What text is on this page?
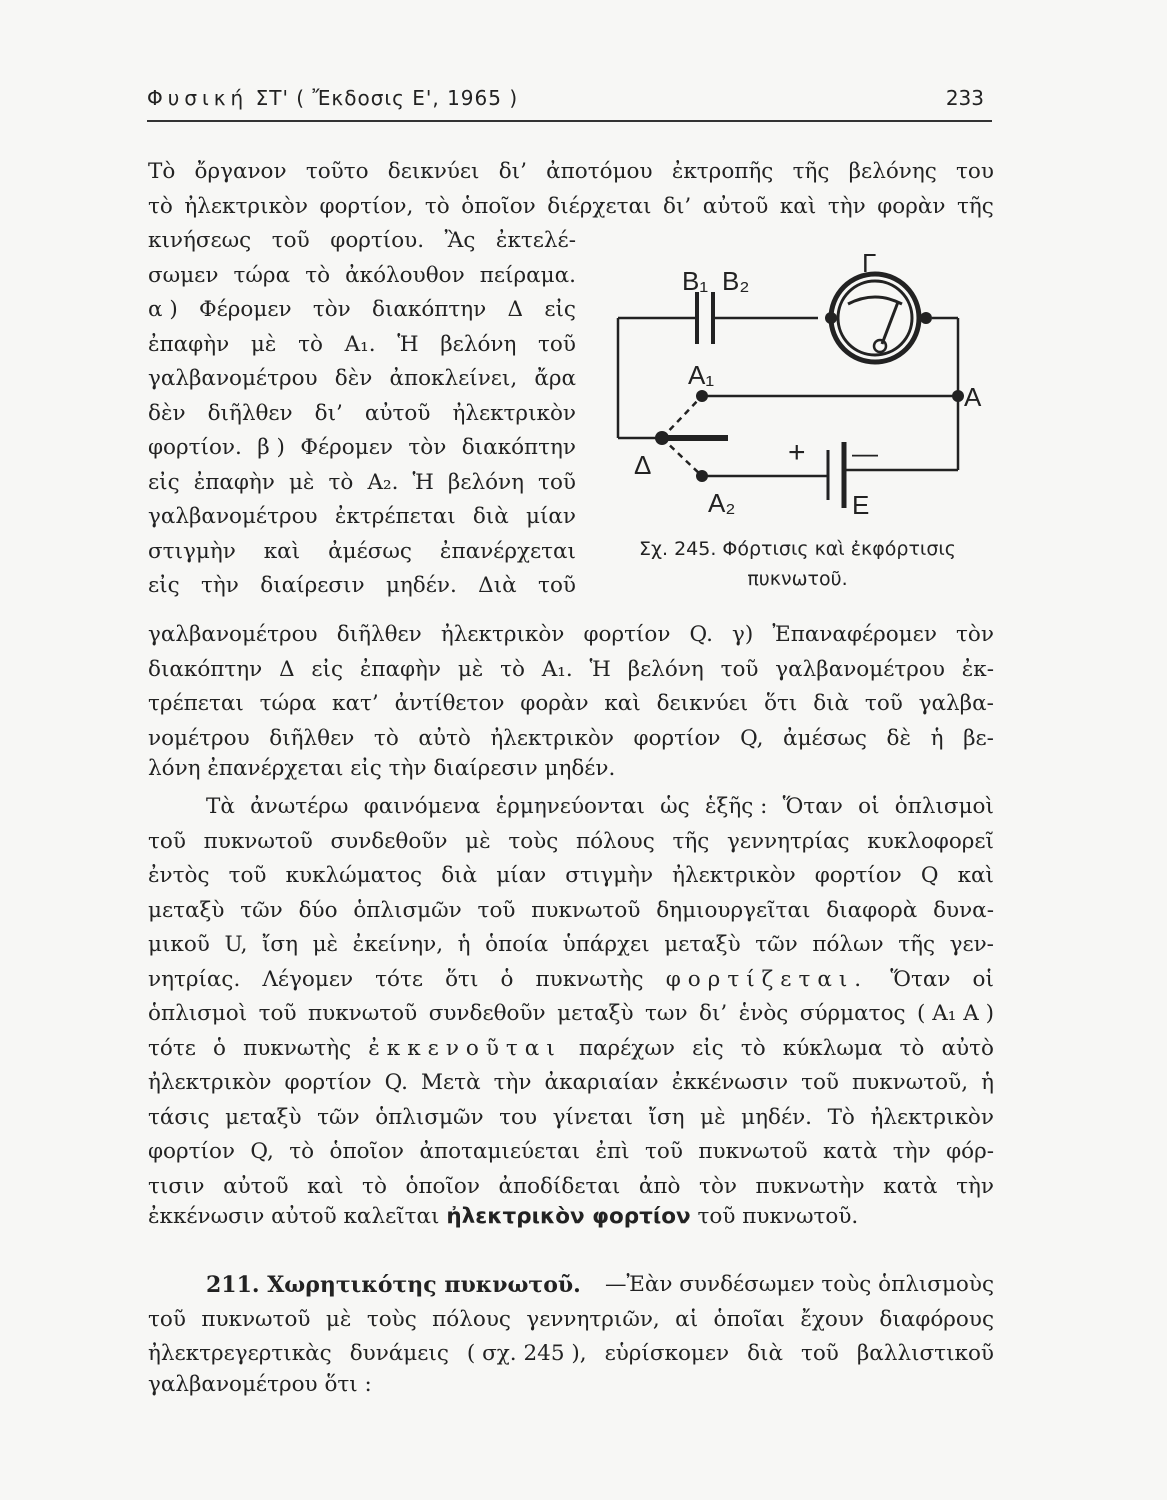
Φυσική ΣΤ' ( Ἔκδοσις Ε', 1965 )	233
Τὸ ὄργανον τοῦτο δεικνύει δι’ ἀποτόμου ἐκτροπῆς τῆς βελόνης του
τὸ ἠλεκτρικὸν φορτίον, τὸ ὁποῖον διέρχεται δι’ αὐτοῦ καὶ τὴν φορὰν τῆς
κινήσεως τοῦ φορτίου. Ἂς ἐκτελέ-
σωμεν τώρα τὸ ἀκόλουθον πείραμα.
α ) Φέρομεν τὸν διακόπτην Δ εἰς
ἐπαφὴν μὲ τὸ Α₁. Ἡ βελόνη τοῦ
γαλβανομέτρου δὲν ἀποκλείνει, ἄρα
δὲν διῆλθεν δι’ αὐτοῦ ἠλεκτρικὸν
φορτίον. β ) Φέρομεν τὸν διακόπτην
εἰς ἐπαφὴν μὲ τὸ Α₂. Ἡ βελόνη τοῦ
γαλβανομέτρου ἐκτρέπεται διὰ μίαν
στιγμὴν καὶ ἀμέσως ἐπανέρχεται
εἰς τὴν διαίρεσιν μηδέν. Διὰ τοῦ
Γ
B₁ B₂
A₁
A
Δ
A₂	E
+ —
Σχ. 245. Φόρτισις καὶ ἐκφόρτισις
πυκνωτοῦ.
γαλβανομέτρου διῆλθεν ἠλεκτρικὸν φορτίον Q. γ) Ἐπαναφέρομεν τὸν
διακόπτην Δ εἰς ἐπαφὴν μὲ τὸ Α₁. Ἡ βελόνη τοῦ γαλβανομέτρου ἐκ-
τρέπεται τώρα κατ’ ἀντίθετον φορὰν καὶ δεικνύει ὅτι διὰ τοῦ γαλβα-
νομέτρου διῆλθεν τὸ αὐτὸ ἠλεκτρικὸν φορτίον Q, ἀμέσως δὲ ἡ βε-
λόνη ἐπανέρχεται εἰς τὴν διαίρεσιν μηδέν.
Τὰ ἀνωτέρω φαινόμενα ἑρμηνεύονται ὡς ἑξῆς : Ὅταν οἱ ὁπλισμοὶ
τοῦ πυκνωτοῦ συνδεθοῦν μὲ τοὺς πόλους τῆς γεννητρίας κυκλοφορεῖ
ἐντὸς τοῦ κυκλώματος διὰ μίαν στιγμὴν ἠλεκτρικὸν φορτίον Q καὶ
μεταξὺ τῶν δύο ὁπλισμῶν τοῦ πυκνωτοῦ δημιουργεῖται διαφορὰ δυνα-
μικοῦ U, ἴση μὲ ἐκείνην, ἡ ὁποία ὑπάρχει μεταξὺ τῶν πόλων τῆς γεν-
νητρίας. Λέγομεν τότε ὅτι ὁ πυκνωτὴς φορτίζεται. Ὅταν οἱ
ὁπλισμοὶ τοῦ πυκνωτοῦ συνδεθοῦν μεταξὺ των δι’ ἑνὸς σύρματος ( Α₁ Α )
τότε ὁ πυκνωτὴς ἐκκενοῦται παρέχων εἰς τὸ κύκλωμα τὸ αὐτὸ
ἠλεκτρικὸν φορτίον Q. Μετὰ τὴν ἀκαριαίαν ἐκκένωσιν τοῦ πυκνωτοῦ, ἡ
τάσις μεταξὺ τῶν ὁπλισμῶν του γίνεται ἴση μὲ μηδέν. Τὸ ἠλεκτρικὸν
φορτίον Q, τὸ ὁποῖον ἀποταμιεύεται ἐπὶ τοῦ πυκνωτοῦ κατὰ τὴν φόρ-
τισιν αὐτοῦ καὶ τὸ ὁποῖον ἀποδίδεται ἀπὸ τὸν πυκνωτὴν κατὰ τὴν
ἐκκένωσιν αὐτοῦ καλεῖται ἠλεκτρικὸν φορτίον τοῦ πυκνωτοῦ.
211. Χωρητικότης πυκνωτοῦ. —Ἐὰν συνδέσωμεν τοὺς ὁπλισμοὺς
τοῦ πυκνωτοῦ μὲ τοὺς πόλους γεννητριῶν, αἱ ὁποῖαι ἔχουν διαφόρους
ἠλεκτρεγερτικὰς δυνάμεις ( σχ. 245 ), εὑρίσκομεν διὰ τοῦ βαλλιστικοῦ
γαλβανομέτρου ὅτι :
